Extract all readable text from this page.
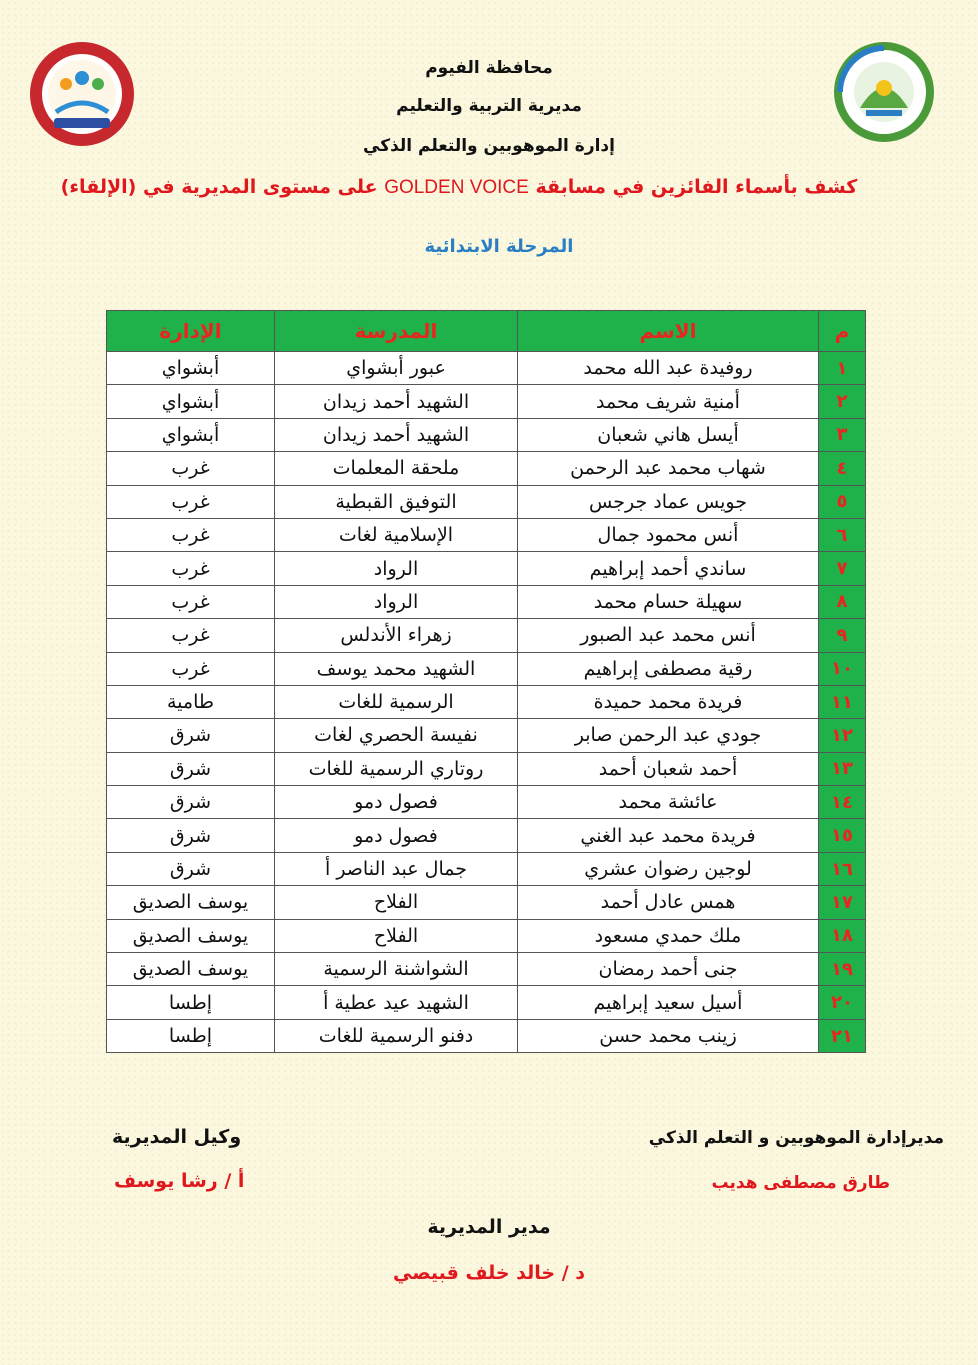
محافظة الفيوم
مديرية التربية والتعليم
إدارة الموهوبين والتعلم الذكي
كشف بأسماء الفائزين في مسابقة GOLDEN VOICE على مستوى المديرية في (الإلقاء)
المرحلة الابتدائية
م	الاسم	المدرسة	الإدارة
١	روفيدة عبد الله محمد	عبور أبشواي	أبشواي
٢	أمنية شريف محمد	الشهيد أحمد زيدان	أبشواي
٣	أيسل هاني شعبان	الشهيد أحمد زيدان	أبشواي
٤	شهاب محمد عبد الرحمن	ملحقة المعلمات	غرب
٥	جويس عماد جرجس	التوفيق القبطية	غرب
٦	أنس محمود جمال	الإسلامية لغات	غرب
٧	ساندي أحمد إبراهيم	الرواد	غرب
٨	سهيلة حسام محمد	الرواد	غرب
٩	أنس محمد عبد الصبور	زهراء الأندلس	غرب
١٠	رقية مصطفى إبراهيم	الشهيد محمد يوسف	غرب
١١	فريدة محمد حميدة	الرسمية للغات	طامية
١٢	جودي عبد الرحمن صابر	نفيسة الحصري لغات	شرق
١٣	أحمد شعبان أحمد	روتاري الرسمية للغات	شرق
١٤	عائشة محمد	فصول دمو	شرق
١٥	فريدة محمد عبد الغني	فصول دمو	شرق
١٦	لوجين رضوان عشري	جمال عبد الناصر أ	شرق
١٧	همس عادل أحمد	الفلاح	يوسف الصديق
١٨	ملك حمدي مسعود	الفلاح	يوسف الصديق
١٩	جنى أحمد رمضان	الشواشنة الرسمية	يوسف الصديق
٢٠	أسيل سعيد إبراهيم	الشهيد عيد عطية أ	إطسا
٢١	زينب محمد حسن	دفنو الرسمية للغات	إطسا
مديرإدارة الموهوبين و التعلم الذكي
طارق مصطفى هديب
وكيل المديرية
أ / رشا يوسف
مدير المديرية
د / خالد خلف قبيصي
